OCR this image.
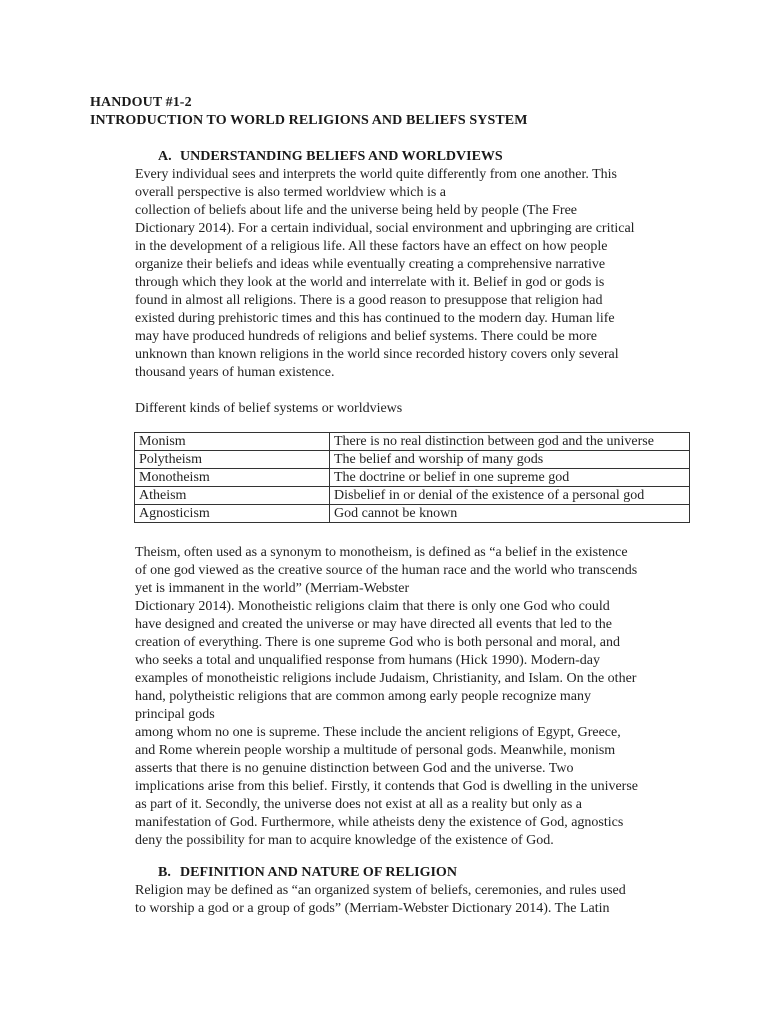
HANDOUT #1-2
INTRODUCTION TO WORLD RELIGIONS AND BELIEFS SYSTEM
A. UNDERSTANDING BELIEFS AND WORLDVIEWS
Every individual sees and interprets the world quite differently from one another. This
overall perspective is also termed worldview which is a
collection of beliefs about life and the universe being held by people (The Free
Dictionary 2014). For a certain individual, social environment and upbringing are critical
in the development of a religious life. All these factors have an effect on how people
organize their beliefs and ideas while eventually creating a comprehensive narrative
through which they look at the world and interrelate with it. Belief in god or gods is
found in almost all religions. There is a good reason to presuppose that religion had
existed during prehistoric times and this has continued to the modern day. Human life
may have produced hundreds of religions and belief systems. There could be more
unknown than known religions in the world since recorded history covers only several
thousand years of human existence.
Different kinds of belief systems or worldviews
Monism	There is no real distinction between god and the universe
Polytheism	The belief and worship of many gods
Monotheism	The doctrine or belief in one supreme god
Atheism	Disbelief in or denial of the existence of a personal god
Agnosticism	God cannot be known
Theism, often used as a synonym to monotheism, is defined as “a belief in the existence
of one god viewed as the creative source of the human race and the world who transcends
yet is immanent in the world” (Merriam-Webster
Dictionary 2014). Monotheistic religions claim that there is only one God who could
have designed and created the universe or may have directed all events that led to the
creation of everything. There is one supreme God who is both personal and moral, and
who seeks a total and unqualified response from humans (Hick 1990). Modern-day
examples of monotheistic religions include Judaism, Christianity, and Islam. On the other
hand, polytheistic religions that are common among early people recognize many
principal gods
among whom no one is supreme. These include the ancient religions of Egypt, Greece,
and Rome wherein people worship a multitude of personal gods. Meanwhile, monism
asserts that there is no genuine distinction between God and the universe. Two
implications arise from this belief. Firstly, it contends that God is dwelling in the universe
as part of it. Secondly, the universe does not exist at all as a reality but only as a
manifestation of God. Furthermore, while atheists deny the existence of God, agnostics
deny the possibility for man to acquire knowledge of the existence of God.
B. DEFINITION AND NATURE OF RELIGION
Religion may be defined as “an organized system of beliefs, ceremonies, and rules used
to worship a god or a group of gods” (Merriam-Webster Dictionary 2014). The Latin
